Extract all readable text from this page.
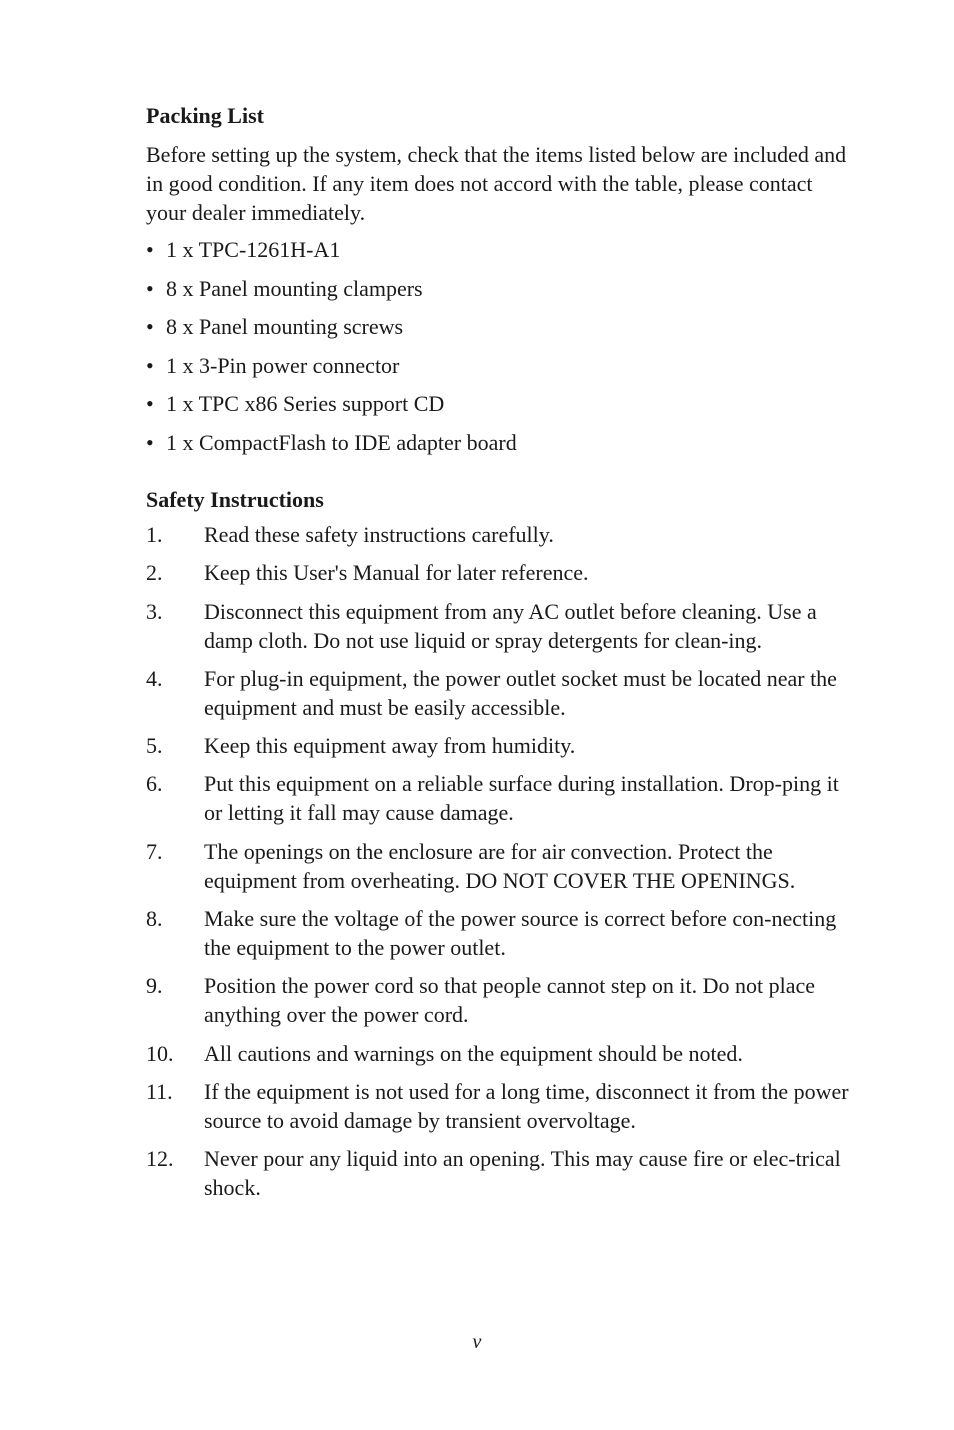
Packing List

Before setting up the system, check that the items listed below are included and in good condition. If any item does not accord with the table, please contact your dealer immediately.

• 1 x TPC-1261H-A1
• 8 x Panel mounting clampers
• 8 x Panel mounting screws
• 1 x 3-Pin power connector
• 1 x TPC x86 Series support CD
• 1 x CompactFlash to IDE adapter board
Safety Instructions
1.	Read these safety instructions carefully.
2.	Keep this User's Manual for later reference.
3.	Disconnect this equipment from any AC outlet before cleaning. Use a damp cloth. Do not use liquid or spray detergents for clean-ing.
4.	For plug-in equipment, the power outlet socket must be located near the equipment and must be easily accessible.
5.	Keep this equipment away from humidity.
6.	Put this equipment on a reliable surface during installation. Drop-ping it or letting it fall may cause damage.
7.	The openings on the enclosure are for air convection. Protect the equipment from overheating. DO NOT COVER THE OPENINGS.
8.	Make sure the voltage of the power source is correct before con-necting the equipment to the power outlet.
9.	Position the power cord so that people cannot step on it. Do not place anything over the power cord.
10.	All cautions and warnings on the equipment should be noted.
11.	If the equipment is not used for a long time, disconnect it from the power source to avoid damage by transient overvoltage.
12.	Never pour any liquid into an opening. This may cause fire or elec-trical shock.
v
